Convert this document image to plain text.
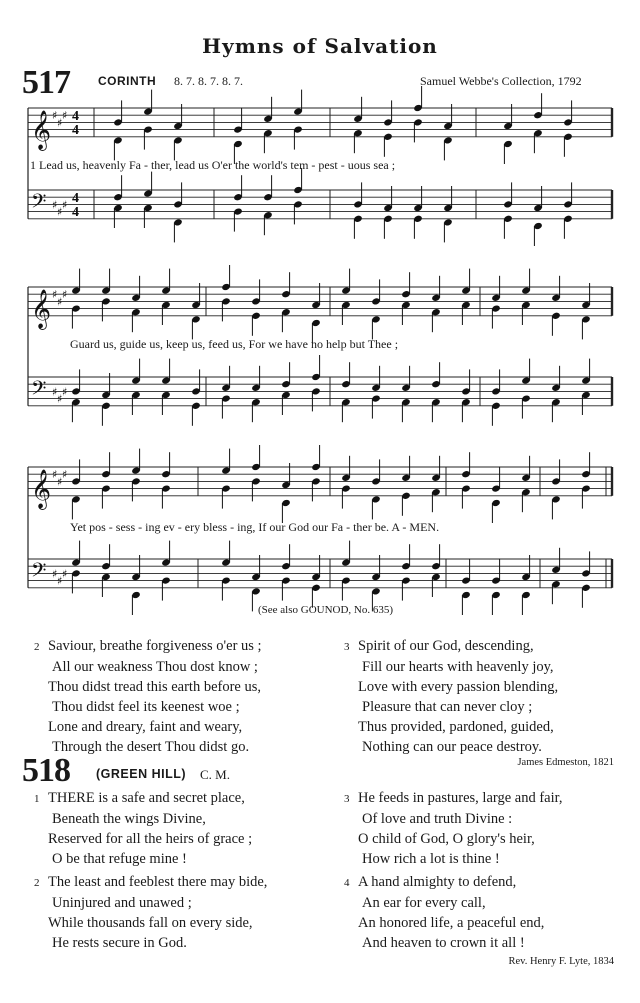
Hymns of Salvation
517 CORINTH 8. 7. 8. 7. 8. 7.	Samuel Webbe's Collection, 1792
𝄞
𝄢
♯
♯
♯
♯
♯
♯
4
4
4
4
𝄞
𝄢
♯
♯
♯
♯
♯
♯
𝄞
𝄢
♯
♯
♯
♯
♯
♯
1 Lead us, heavenly Fa - ther, lead us O'er the world's tem - pest - uous sea ;
Guard us, guide us, keep us, feed us, For we have no help but Thee ;
Yet pos - sess - ing ev - ery bless - ing, If our God our Fa - ther be. A - MEN.
(See also GOUNOD, No. 635)
2 Saviour, breathe forgiveness o'er us ;
All our weakness Thou dost know ;
Thou didst tread this earth before us,
Thou didst feel its keenest woe ;
Lone and dreary, faint and weary,
Through the desert Thou didst go.
3 Spirit of our God, descending,
Fill our hearts with heavenly joy,
Love with every passion blending,
Pleasure that can never cloy ;
Thus provided, pardoned, guided,
Nothing can our peace destroy.
James Edmeston, 1821
518 (GREEN HILL) C. M.
1 THERE is a safe and secret place,
Beneath the wings Divine,
Reserved for all the heirs of grace ;
O be that refuge mine !
3 He feeds in pastures, large and fair,
Of love and truth Divine :
O child of God, O glory's heir,
How rich a lot is thine !
2 The least and feeblest there may bide,
Uninjured and unawed ;
While thousands fall on every side,
He rests secure in God.
4 A hand almighty to defend,
An ear for every call,
An honored life, a peaceful end,
And heaven to crown it all !
Rev. Henry F. Lyte, 1834
